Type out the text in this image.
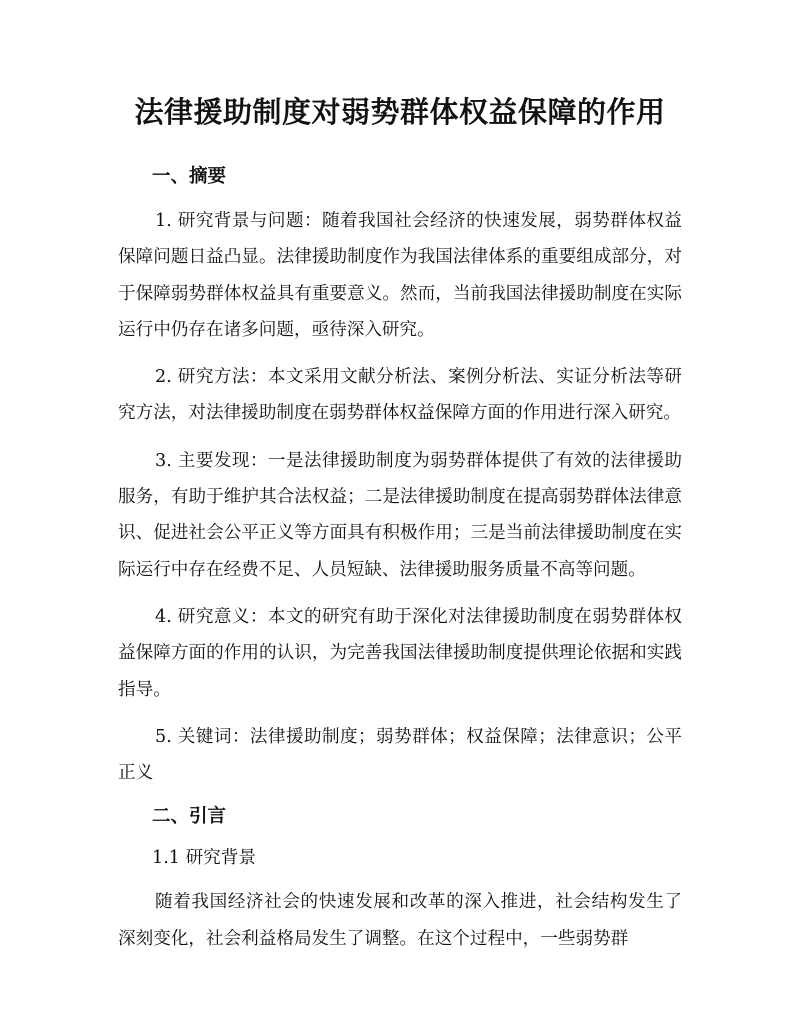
法律援助制度对弱势群体权益保障的作用
一、摘要

1. 研究背景与问题：随着我国社会经济的快速发展，弱势群体权益保障问题日益凸显。法律援助制度作为我国法律体系的重要组成部分，对于保障弱势群体权益具有重要意义。然而，当前我国法律援助制度在实际运行中仍存在诸多问题，亟待深入研究。

2. 研究方法：本文采用文献分析法、案例分析法、实证分析法等研究方法，对法律援助制度在弱势群体权益保障方面的作用进行深入研究。

3. 主要发现：一是法律援助制度为弱势群体提供了有效的法律援助服务，有助于维护其合法权益；二是法律援助制度在提高弱势群体法律意识、促进社会公平正义等方面具有积极作用；三是当前法律援助制度在实际运行中存在经费不足、人员短缺、法律援助服务质量不高等问题。

4. 研究意义：本文的研究有助于深化对法律援助制度在弱势群体权益保障方面的作用的认识，为完善我国法律援助制度提供理论依据和实践指导。

5. 关键词：法律援助制度；弱势群体；权益保障；法律意识；公平正义

二、引言

1.1 研究背景

随着我国经济社会的快速发展和改革的深入推进，社会结构发生了深刻变化，社会利益格局发生了调整。在这个过程中，一些弱势群
